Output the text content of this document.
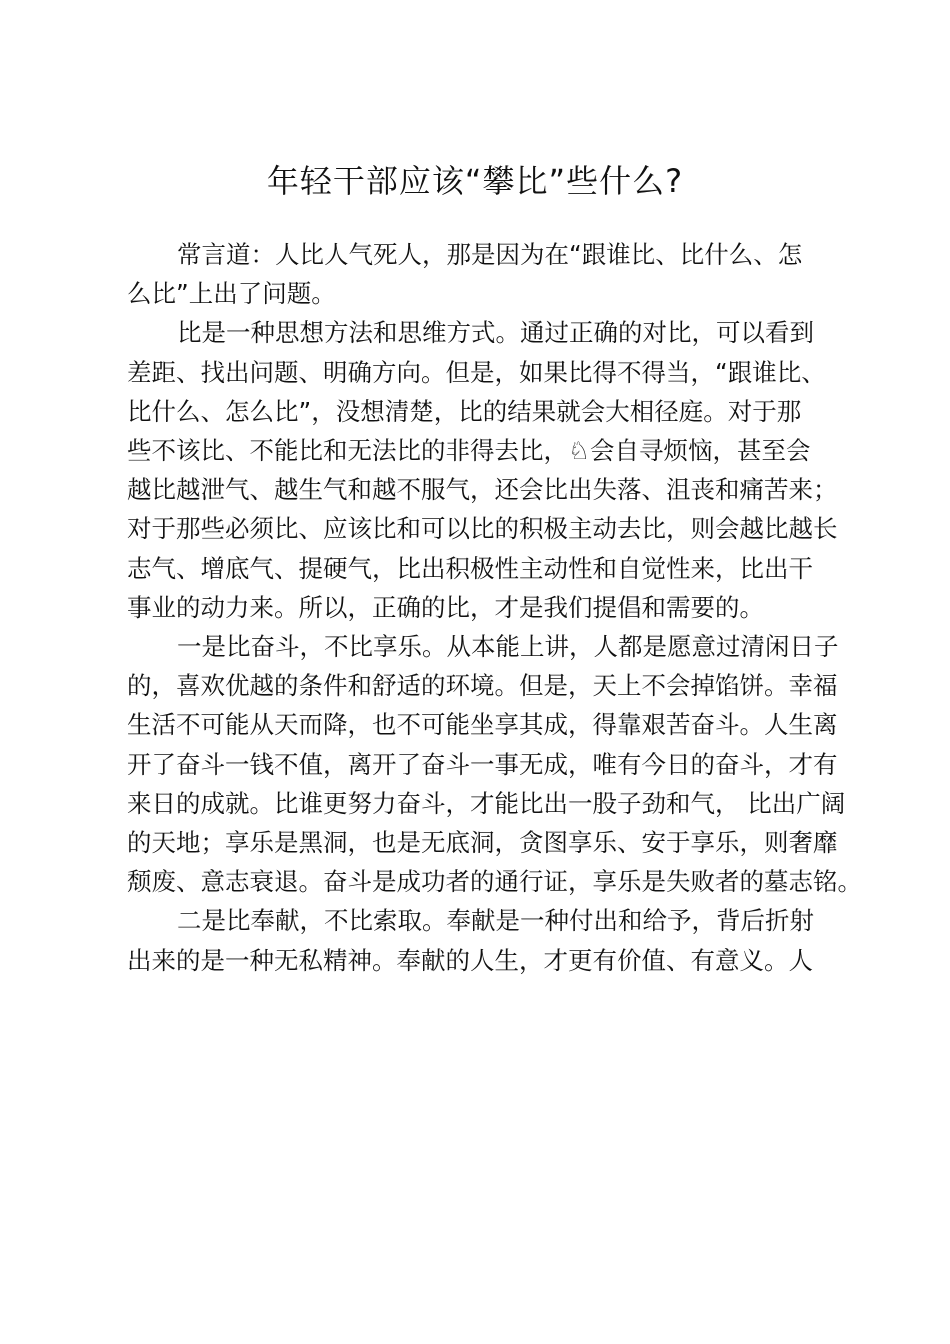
年轻干部应该“攀比”些什么?

常言道：人比人气死人，那是因为在“跟谁比、比什么、怎
么比”上出了问题。

比是一种思想方法和思维方式。通过正确的对比，可以看到
差距、找出问题、明确方向。但是，如果比得不得当，“跟谁比、
比什么、怎么比”，没想清楚，比的结果就会大相径庭。对于那
些不该比、不能比和无法比的非得去比，♘会自寻烦恼，甚至会
越比越泄气、越生气和越不服气，还会比出失落、沮丧和痛苦来；
对于那些必须比、应该比和可以比的积极主动去比，则会越比越长
志气、增底气、提硬气，比出积极性主动性和自觉性来，比出干
事业的动力来。所以，正确的比，才是我们提倡和需要的。

一是比奋斗，不比享乐。从本能上讲，人都是愿意过清闲日子
的，喜欢优越的条件和舒适的环境。但是，天上不会掉馅饼。幸福
生活不可能从天而降，也不可能坐享其成，得靠艰苦奋斗。人生离
开了奋斗一钱不值，离开了奋斗一事无成，唯有今日的奋斗，才有
来日的成就。比谁更努力奋斗，才能比出一股子劲和气， 比出广阔
的天地；享乐是黑洞，也是无底洞，贪图享乐、安于享乐，则奢靡
颓废、意志衰退。奋斗是成功者的通行证，享乐是失败者的墓志铭。

二是比奉献，不比索取。奉献是一种付出和给予，背后折射
出来的是一种无私精神。奉献的人生，才更有价值、有意义。人
